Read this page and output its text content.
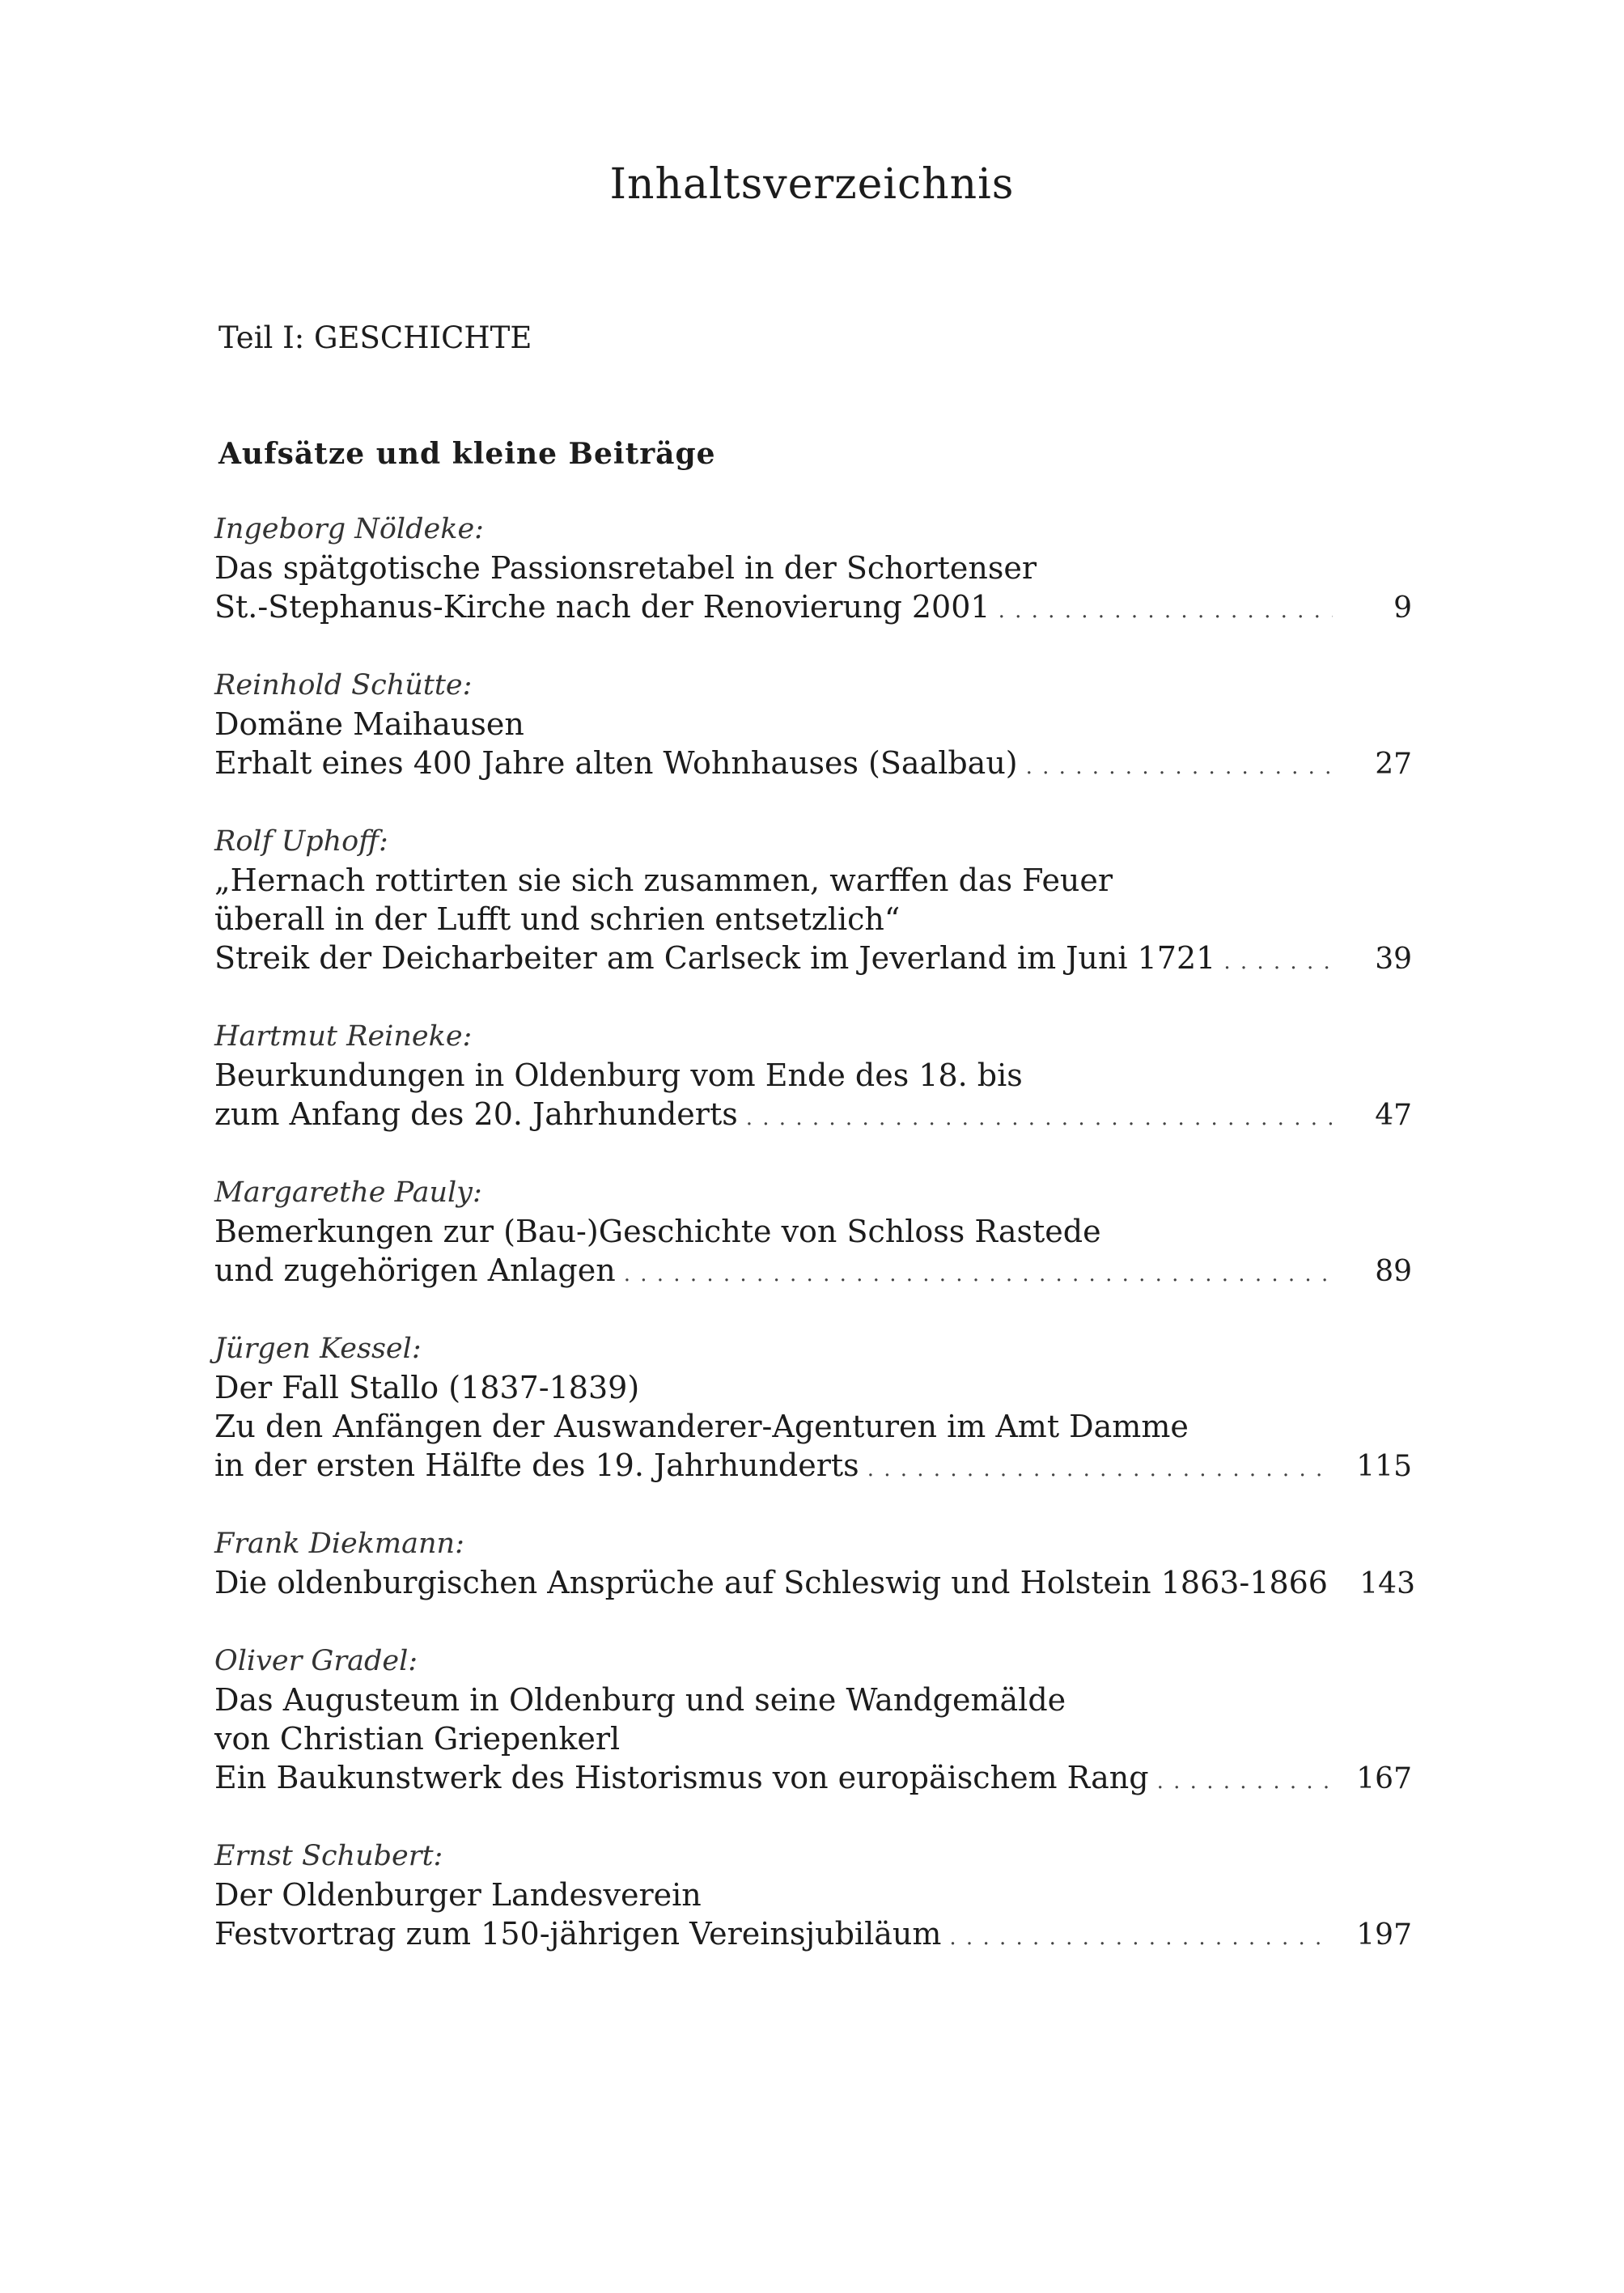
Inhaltsverzeichnis
Teil I: GESCHICHTE
Aufsätze und kleine Beiträge
Ingeborg Nöldeke:
Das spätgotische Passionsretabel in der Schortenser
St.-Stephanus-Kirche nach der Renovierung 2001 . . .	9
Reinhold Schütte:
Domäne Maihausen
Erhalt eines 400 Jahre alten Wohnhauses (Saalbau) . . .	27
Rolf Uphoff:
„Hernach rottirten sie sich zusammen, warffen das Feuer
überall in der Lufft und schrien entsetzlich“
Streik der Deicharbeiter am Carlseck im Jeverland im Juni 1721 . . .	39
Hartmut Reineke:
Beurkundungen in Oldenburg vom Ende des 18. bis
zum Anfang des 20. Jahrhunderts . . .	47
Margarethe Pauly:
Bemerkungen zur (Bau-)Geschichte von Schloss Rastede
und zugehörigen Anlagen . . .	89
Jürgen Kessel:
Der Fall Stallo (1837-1839)
Zu den Anfängen der Auswanderer-Agenturen im Amt Damme
in der ersten Hälfte des 19. Jahrhunderts . . .	115
Frank Diekmann:
Die oldenburgischen Ansprüche auf Schleswig und Holstein 1863-1866	143
Oliver Gradel:
Das Augusteum in Oldenburg und seine Wandgemälde
von Christian Griepenkerl
Ein Baukunstwerk des Historismus von europäischem Rang . . .	167
Ernst Schubert:
Der Oldenburger Landesverein
Festvortrag zum 150-jährigen Vereinsjubiläum . . .	197
